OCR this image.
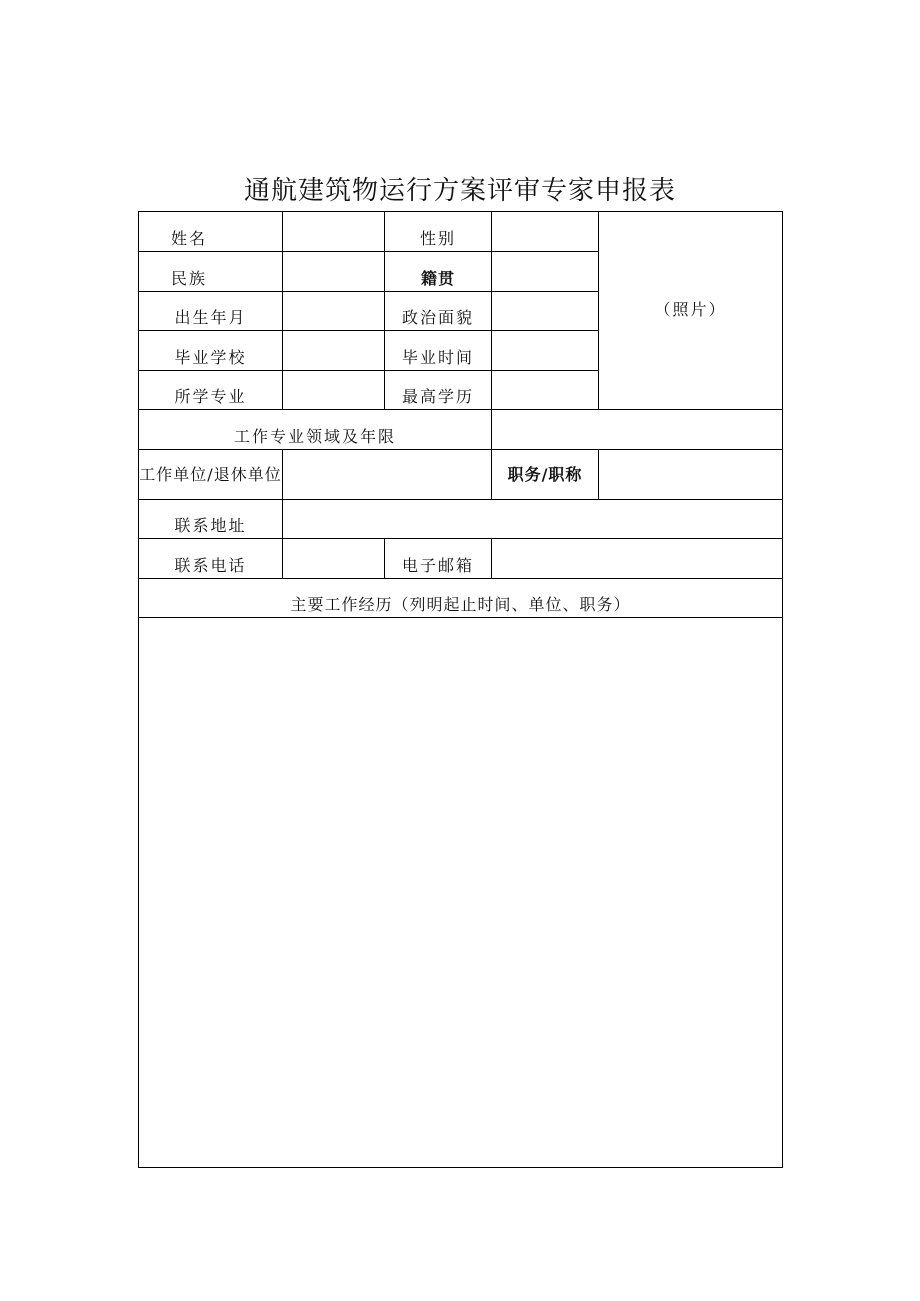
通航建筑物运行方案评审专家申报表
姓名		性别		（照片）
民族		籍贯		
出生年月		政治面貌		
毕业学校		毕业时间		
所学专业		最高学历		
工作专业领域及年限				
工作单位/退休单位			职务/职称	
联系地址				
联系电话		电子邮箱		
主要工作经历（列明起止时间、单位、职务）				
